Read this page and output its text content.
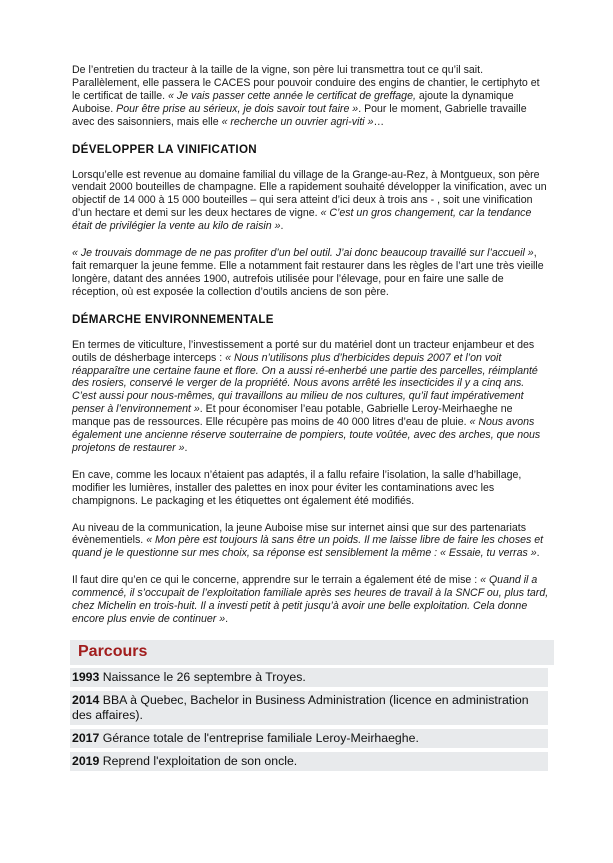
De l’entretien du tracteur à la taille de la vigne, son père lui transmettra tout ce qu’il sait. Parallèlement, elle passera le CACES pour pouvoir conduire des engins de chantier, le certiphyto et le certificat de taille. « Je vais passer cette année le certificat de greffage, ajoute la dynamique Auboise. Pour être prise au sérieux, je dois savoir tout faire ». Pour le moment, Gabrielle travaille avec des saisonniers, mais elle « recherche un ouvrier agri-viti »…

DÉVELOPPER LA VINIFICATION

Lorsqu’elle est revenue au domaine familial du village de la Grange-au-Rez, à Montgueux, son père vendait 2000 bouteilles de champagne. Elle a rapidement souhaité développer la vinification, avec un objectif de 14 000 à 15 000 bouteilles – qui sera atteint d’ici deux à trois ans - , soit une vinification d’un hectare et demi sur les deux hectares de vigne. « C’est un gros changement, car la tendance était de privilégier la vente au kilo de raisin ».

« Je trouvais dommage de ne pas profiter d’un bel outil. J’ai donc beaucoup travaillé sur l’accueil », fait remarquer la jeune femme. Elle a notamment fait restaurer dans les règles de l’art une très vieille longère, datant des années 1900, autrefois utilisée pour l’élevage, pour en faire une salle de réception, où est exposée la collection d’outils anciens de son père.

DÉMARCHE ENVIRONNEMENTALE

En termes de viticulture, l’investissement a porté sur du matériel dont un tracteur enjambeur et des outils de désherbage interceps : « Nous n’utilisons plus d’herbicides depuis 2007 et l’on voit réapparaître une certaine faune et flore. On a aussi ré-enherbé une partie des parcelles, réimplanté des rosiers, conservé le verger de la propriété. Nous avons arrêté les insecticides il y a cinq ans. C’est aussi pour nous-mêmes, qui travaillons au milieu de nos cultures, qu’il faut impérativement penser à l’environnement ». Et pour économiser l’eau potable, Gabrielle Leroy-Meirhaeghe ne manque pas de ressources. Elle récupère pas moins de 40 000 litres d’eau de pluie. « Nous avons également une ancienne réserve souterraine de pompiers, toute voûtée, avec des arches, que nous projetons de restaurer ».

En cave, comme les locaux n’étaient pas adaptés, il a fallu refaire l’isolation, la salle d’habillage, modifier les lumières, installer des palettes en inox pour éviter les contaminations avec les champignons. Le packaging et les étiquettes ont également été modifiés.

Au niveau de la communication, la jeune Auboise mise sur internet ainsi que sur des partenariats évènementiels. « Mon père est toujours là sans être un poids. Il me laisse libre de faire les choses et quand je le questionne sur mes choix, sa réponse est sensiblement la même : « Essaie, tu verras ».

Il faut dire qu’en ce qui le concerne, apprendre sur le terrain a également été de mise : « Quand il a commencé, il s’occupait de l’exploitation familiale après ses heures de travail à la SNCF ou, plus tard, chez Michelin en trois-huit. Il a investi petit à petit jusqu’à avoir une belle exploitation. Cela donne encore plus envie de continuer ».

Parcours
1993 Naissance le 26 septembre à Troyes.
2014 BBA à Quebec, Bachelor in Business Administration (licence en administration des affaires).
2017 Gérance totale de l'entreprise familiale Leroy-Meirhaeghe.
2019 Reprend l'exploitation de son oncle.
